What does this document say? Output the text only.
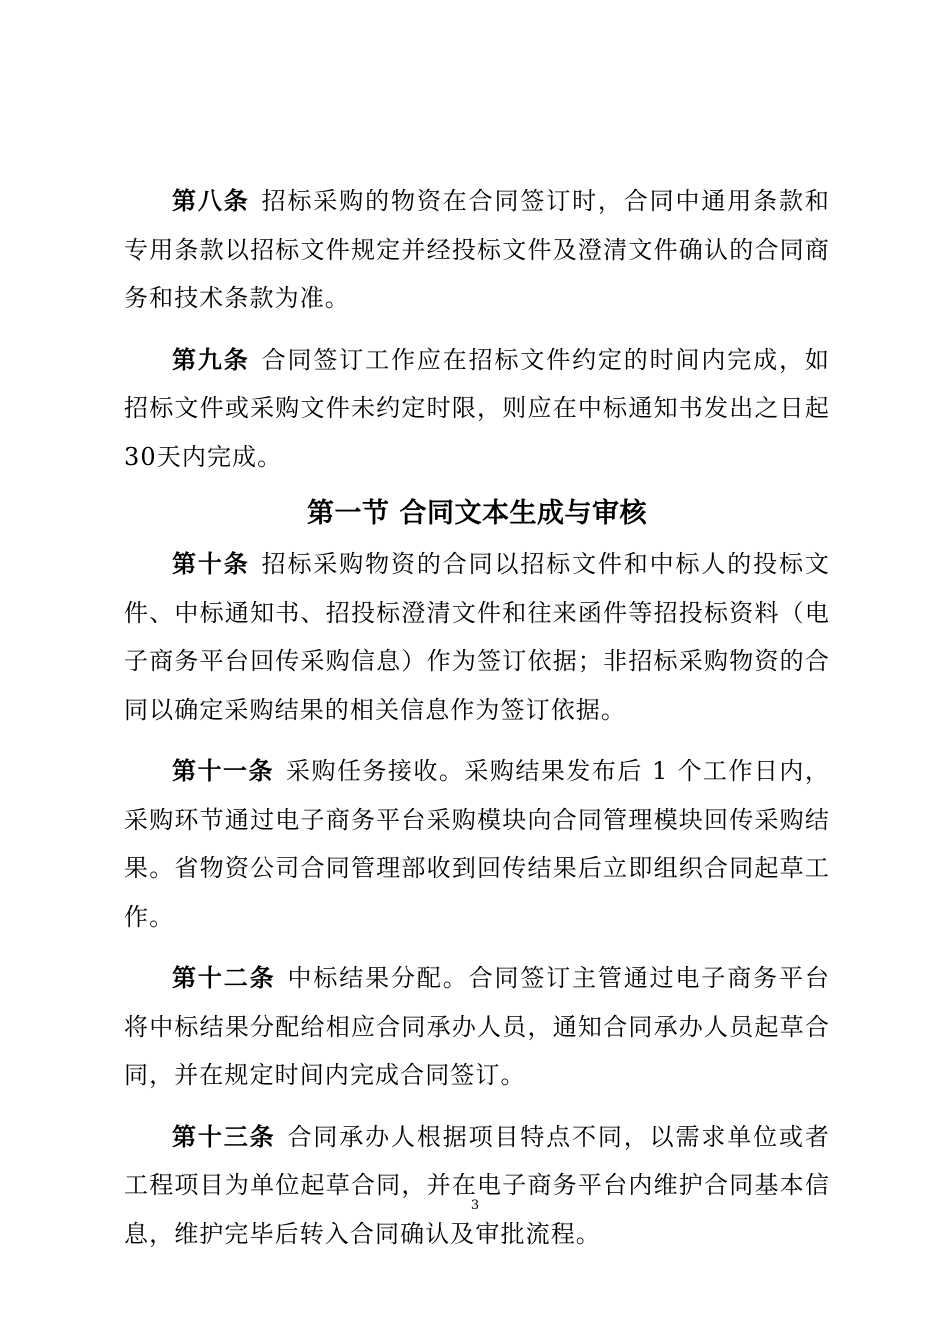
第八条 招标采购的物资在合同签订时，合同中通用条款和专用条款以招标文件规定并经投标文件及澄清文件确认的合同商务和技术条款为准。

第九条 合同签订工作应在招标文件约定的时间内完成，如招标文件或采购文件未约定时限，则应在中标通知书发出之日起30天内完成。

第一节 合同文本生成与审核

第十条 招标采购物资的合同以招标文件和中标人的投标文件、中标通知书、招投标澄清文件和往来函件等招投标资料（电子商务平台回传采购信息）作为签订依据；非招标采购物资的合同以确定采购结果的相关信息作为签订依据。

第十一条 采购任务接收。采购结果发布后 1 个工作日内，采购环节通过电子商务平台采购模块向合同管理模块回传采购结果。省物资公司合同管理部收到回传结果后立即组织合同起草工作。

第十二条 中标结果分配。合同签订主管通过电子商务平台将中标结果分配给相应合同承办人员，通知合同承办人员起草合同，并在规定时间内完成合同签订。

第十三条 合同承办人根据项目特点不同，以需求单位或者工程项目为单位起草合同，并在电子商务平台内维护合同基本信息，维护完毕后转入合同确认及审批流程。

3
